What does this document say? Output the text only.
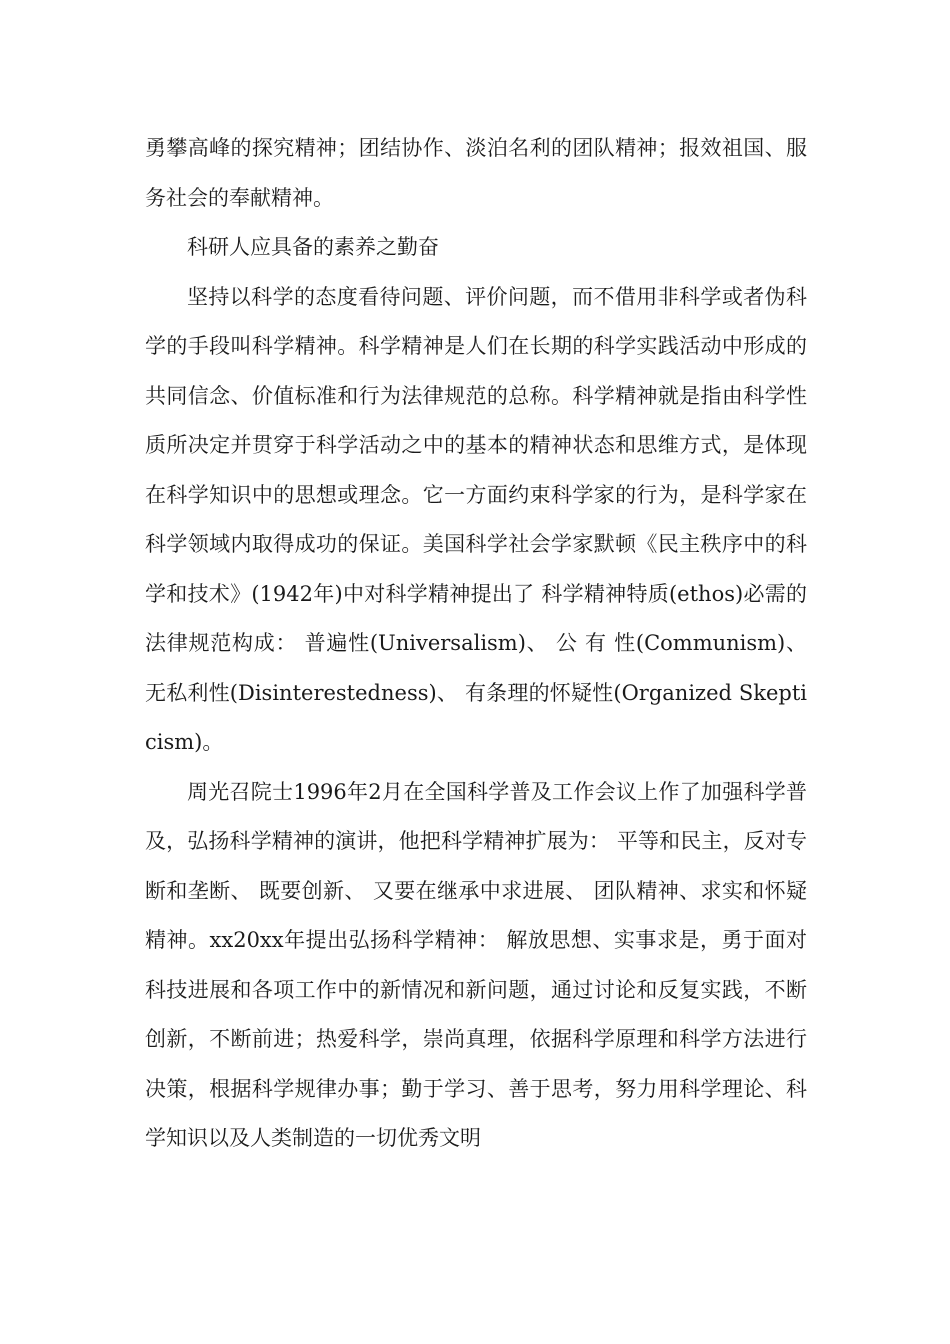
勇攀高峰的探究精神；团结协作、淡泊名利的团队精神；报效祖国、服务社会的奉献精神。

科研人应具备的素养之勤奋

坚持以科学的态度看待问题、评价问题，而不借用非科学或者伪科学的手段叫科学精神。科学精神是人们在长期的科学实践活动中形成的共同信念、价值标准和行为法律规范的总称。科学精神就是指由科学性质所决定并贯穿于科学活动之中的基本的精神状态和思维方式，是体现在科学知识中的思想或理念。它一方面约束科学家的行为，是科学家在科学领域内取得成功的保证。美国科学社会学家默顿《民主秩序中的科学和技术》(1942年)中对科学精神提出了 科学精神特质(ethos)必需的法律规范构成： 普遍性(Universalism)、 公 有 性(Communism)、 无私利性(Disinterestedness)、 有条理的怀疑性(Organized Skepticism)。

周光召院士1996年2月在全国科学普及工作会议上作了加强科学普及，弘扬科学精神的演讲，他把科学精神扩展为： 平等和民主，反对专断和垄断、 既要创新、 又要在继承中求进展、 团队精神、求实和怀疑精神。xx20xx年提出弘扬科学精神： 解放思想、实事求是，勇于面对科技进展和各项工作中的新情况和新问题，通过讨论和反复实践，不断创新，不断前进；热爱科学，崇尚真理，依据科学原理和科学方法进行决策，根据科学规律办事；勤于学习、善于思考，努力用科学理论、科学知识以及人类制造的一切优秀文明
